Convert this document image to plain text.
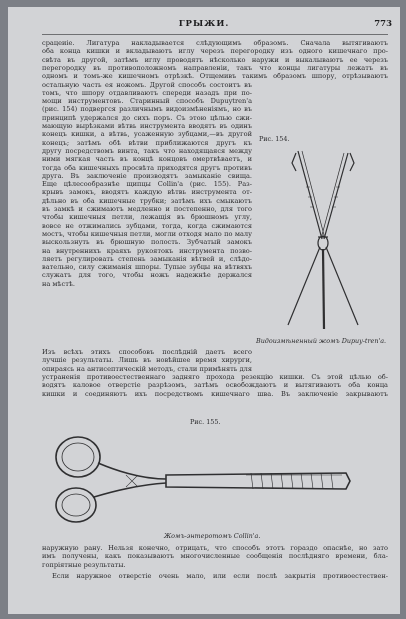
ГРЫЖИ.	773
срацеиіе. Лигатура накладывается слѣдующимъ образомъ. Сначала вытягиваютъ
оба конца кишки и вкладываютъ иглу черезъ перегородку изъ одного кишечнаго про-
свѣта въ другой, затѣмъ иглу проводятъ нѣсколько наружи и выкалываютъ ее черезъ
перегородку въ противоположномъ направленіи, такъ что концы лигатуры лежатъ въ
одномъ и томъ-же кишечномъ отрѣзкѣ. Отщемивъ такимъ образомъ шпору, отрѣзываютъ
остальную часть ея ножомъ. Другой способъ состоитъ въ
томъ, что шпору отдавливаютъ спереди назадъ при по-
мощи инструментовъ. Старинный способъ Dupuytren'а
(рис. 154) подвергся различнымъ видоизмѣненіямъ, но въ
принципѣ удержался до сихъ поръ. Съ этою цѣлью сжи-
мающую вырѣзками вѣтвь инструмента вводятъ въ одинъ
конецъ кишки, а вѣтвь, усаженную зубцами,—въ другой
конецъ; затѣмъ обѣ вѣтви приближаются другъ къ
другу посредствомъ винта, такъ что находящаяся между
ними мягкая часть въ концѣ концовъ омертвѣваетъ, и
тогда оба кишечныхъ просвѣта приходятся другъ противъ
друга. Въ заключеніе производятъ замыканіе свища.
Еще цѣлесообразнѣе щипцы Collin'а (рис. 155). Раз-
крывъ замокъ, вводятъ каждую вѣтвь инструмента от-
дѣльно въ оба кишечные трубки; затѣмъ ихъ смыкаютъ
въ замкѣ и сжимаютъ медленно и постепенно, для того
чтобы кишечныя петли, лежащія въ брюшномъ углу,
вовсе не отжимались зубцами, тогда, когда сжимаются
мостъ, чтобы кишечныя петли, могли отходя мало по малу
выскользнуть въ брюшную полость. Зубчатый замокъ
на внутреннихъ краяхъ рукоятокъ инструмента позво-
ляетъ регулировать степень замыканія вѣтвей и, слѣдо-
вательно, силу сжиманія шпоры. Тупые зубцы на вѣтвяхъ
служатъ для того, чтобы ножъ надежнѣе держался
на мѣстѣ.
Изъ всѣхъ этихъ способовъ послѣдній даетъ всего
лучшіе результаты. Лишь въ новѣйшее время хирурги,
опираясь на антисептическій методъ, стали примѣнять для
устраненія противоестественнаго задняго прохода резекцію кишки. Съ этой цѣлью об-
водятъ каловое отверстіе разрѣзомъ, затѣмъ освобождаютъ и вытягиваютъ оба конца
кишки и соединяютъ ихъ посредствомъ кишечнаго шва. Въ заключеніе закрываютъ
наружную рану. Нельзя конечно, отрицать, что способъ этотъ гораздо опаснѣе, но зато
имъ получены, какъ показываютъ многочисленные сообщенія послѣдняго времени, бла-
гопріятные результаты.
Если наружное отверстіе очень мало, или если послѣ закрытія противоестествен-
Рис. 154.
Видоизмѣненный жомъ Dupuy-tren'а.
Рис. 155.
Жомъ-энтеротомъ Collin'а.
